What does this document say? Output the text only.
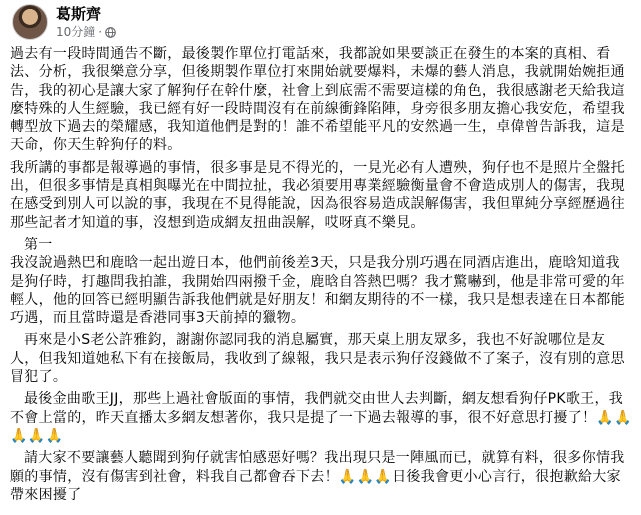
葛斯齊
10分鐘 ·

過去有一段時間通告不斷，最後製作單位打電話來，我都說如果要談正在發生的本案的真相、看法、分析，我很樂意分享，但後期製作單位打來開始就要爆料，未爆的藝人消息，我就開始婉拒通告，我的初心是讓大家了解狗仔在幹什麼，社會上到底需不需要這樣的角色，我很感謝老天給我這麼特殊的人生經驗，我已經有好一段時間沒有在前線衝鋒陷陣，身旁很多朋友擔心我安危，希望我轉型放下過去的榮耀感，我知道他們是對的！誰不希望能平凡的安然過一生，卓偉曾告訴我，這是天命，你天生幹狗仔的料。

我所講的事都是報導過的事情，很多事是見不得光的，一見光必有人遭殃，狗仔也不是照片全盤托出，但很多事情是真相與曝光在中間拉扯，我必須要用專業經驗衡量會不會造成別人的傷害，我現在感受到別人可以說的事，我現在不見得能說，因為很容易造成誤解傷害，我但單純分享經歷過往那些記者才知道的事，沒想到造成網友扭曲誤解，哎呀真不樂見。

第一

我沒說過熱巴和鹿晗一起出遊日本，他們前後差3天，只是我分別巧遇在同酒店進出，鹿晗知道我是狗仔時，打趣問我拍誰，我開始四兩撥千金，鹿晗自答熱巴嗎？我才驚嚇到，他是非常可愛的年輕人，他的回答已經明顯告訴我他們就是好朋友！和網友期待的不一樣，我只是想表達在日本都能巧遇，而且當時還是香港同事3天前掉的獵物。

再來是小S老公許雅鈞，謝謝你認同我的消息屬實，那天桌上朋友眾多，我也不好說哪位是友人，但我知道她私下有在接飯局，我收到了線報，我只是表示狗仔沒錢做不了案子，沒有別的意思冒犯了。

最後金曲歌王JJ，那些上過社會版面的事情，我們就交由世人去判斷，網友想看狗仔PK歌王，我不會上當的，昨天直播太多網友想著你，我只是提了一下過去報導的事，很不好意思打擾了！🙏🙏🙏🙏🙏

請大家不要讓藝人聽聞到狗仔就害怕感惡好嗎？我出現只是一陣風而已，就算有料，很多你情我願的事情，沒有傷害到社會，料我自己都會吞下去！🙏🙏🙏日後我會更小心言行，很抱歉給大家帶來困擾了
